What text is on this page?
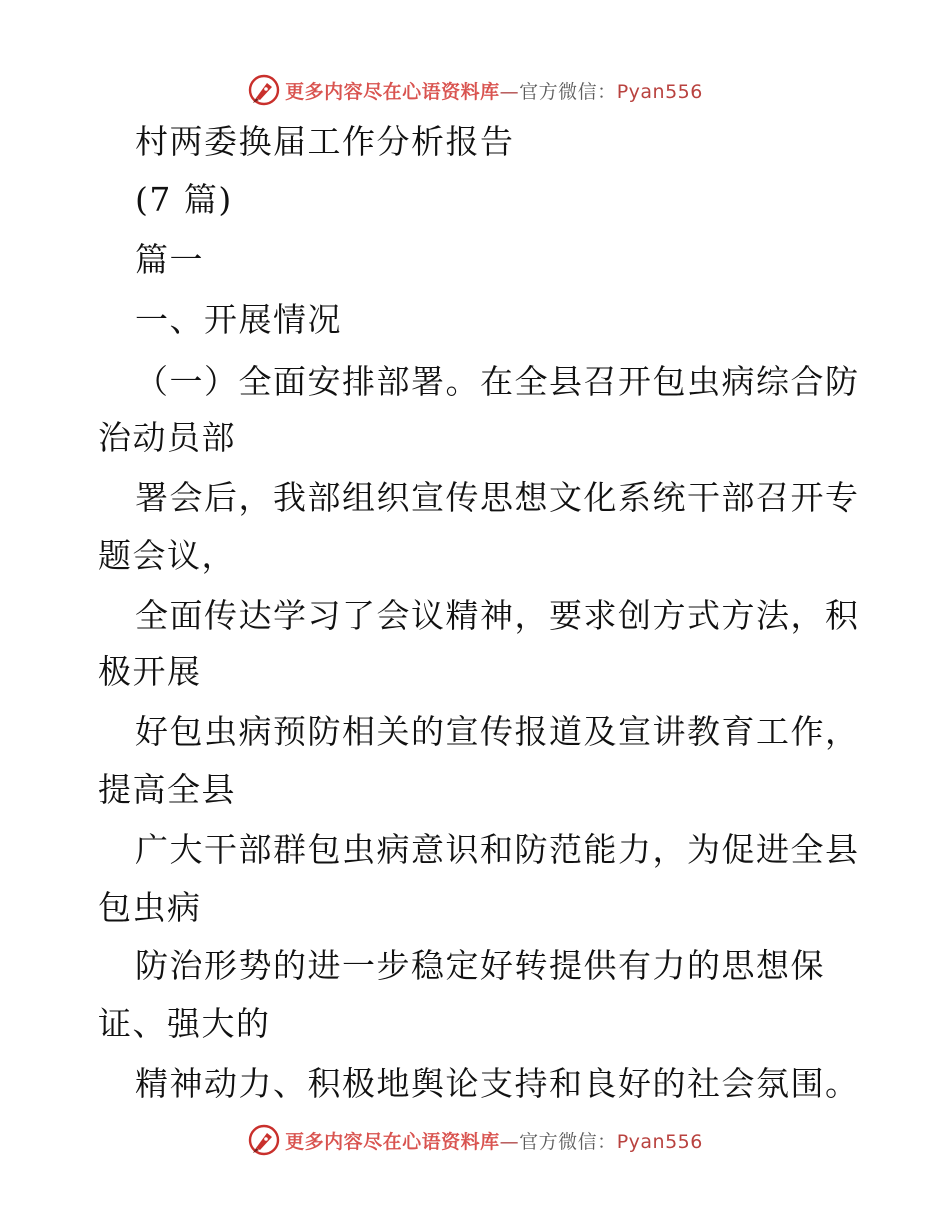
更多内容尽在心语资料库—官方微信：Pyan556
村两委换届工作分析报告
(7 篇)
篇一
一、开展情况
（一）全面安排部署。在全县召开包虫病综合防
治动员部
署会后，我部组织宣传思想文化系统干部召开专
题会议，
全面传达学习了会议精神，要求创方式方法，积
极开展
好包虫病预防相关的宣传报道及宣讲教育工作，
提高全县
广大干部群包虫病意识和防范能力，为促进全县
包虫病
防治形势的进一步稳定好转提供有力的思想保
证、强大的
精神动力、积极地舆论支持和良好的社会氛围。
更多内容尽在心语资料库—官方微信：Pyan556
